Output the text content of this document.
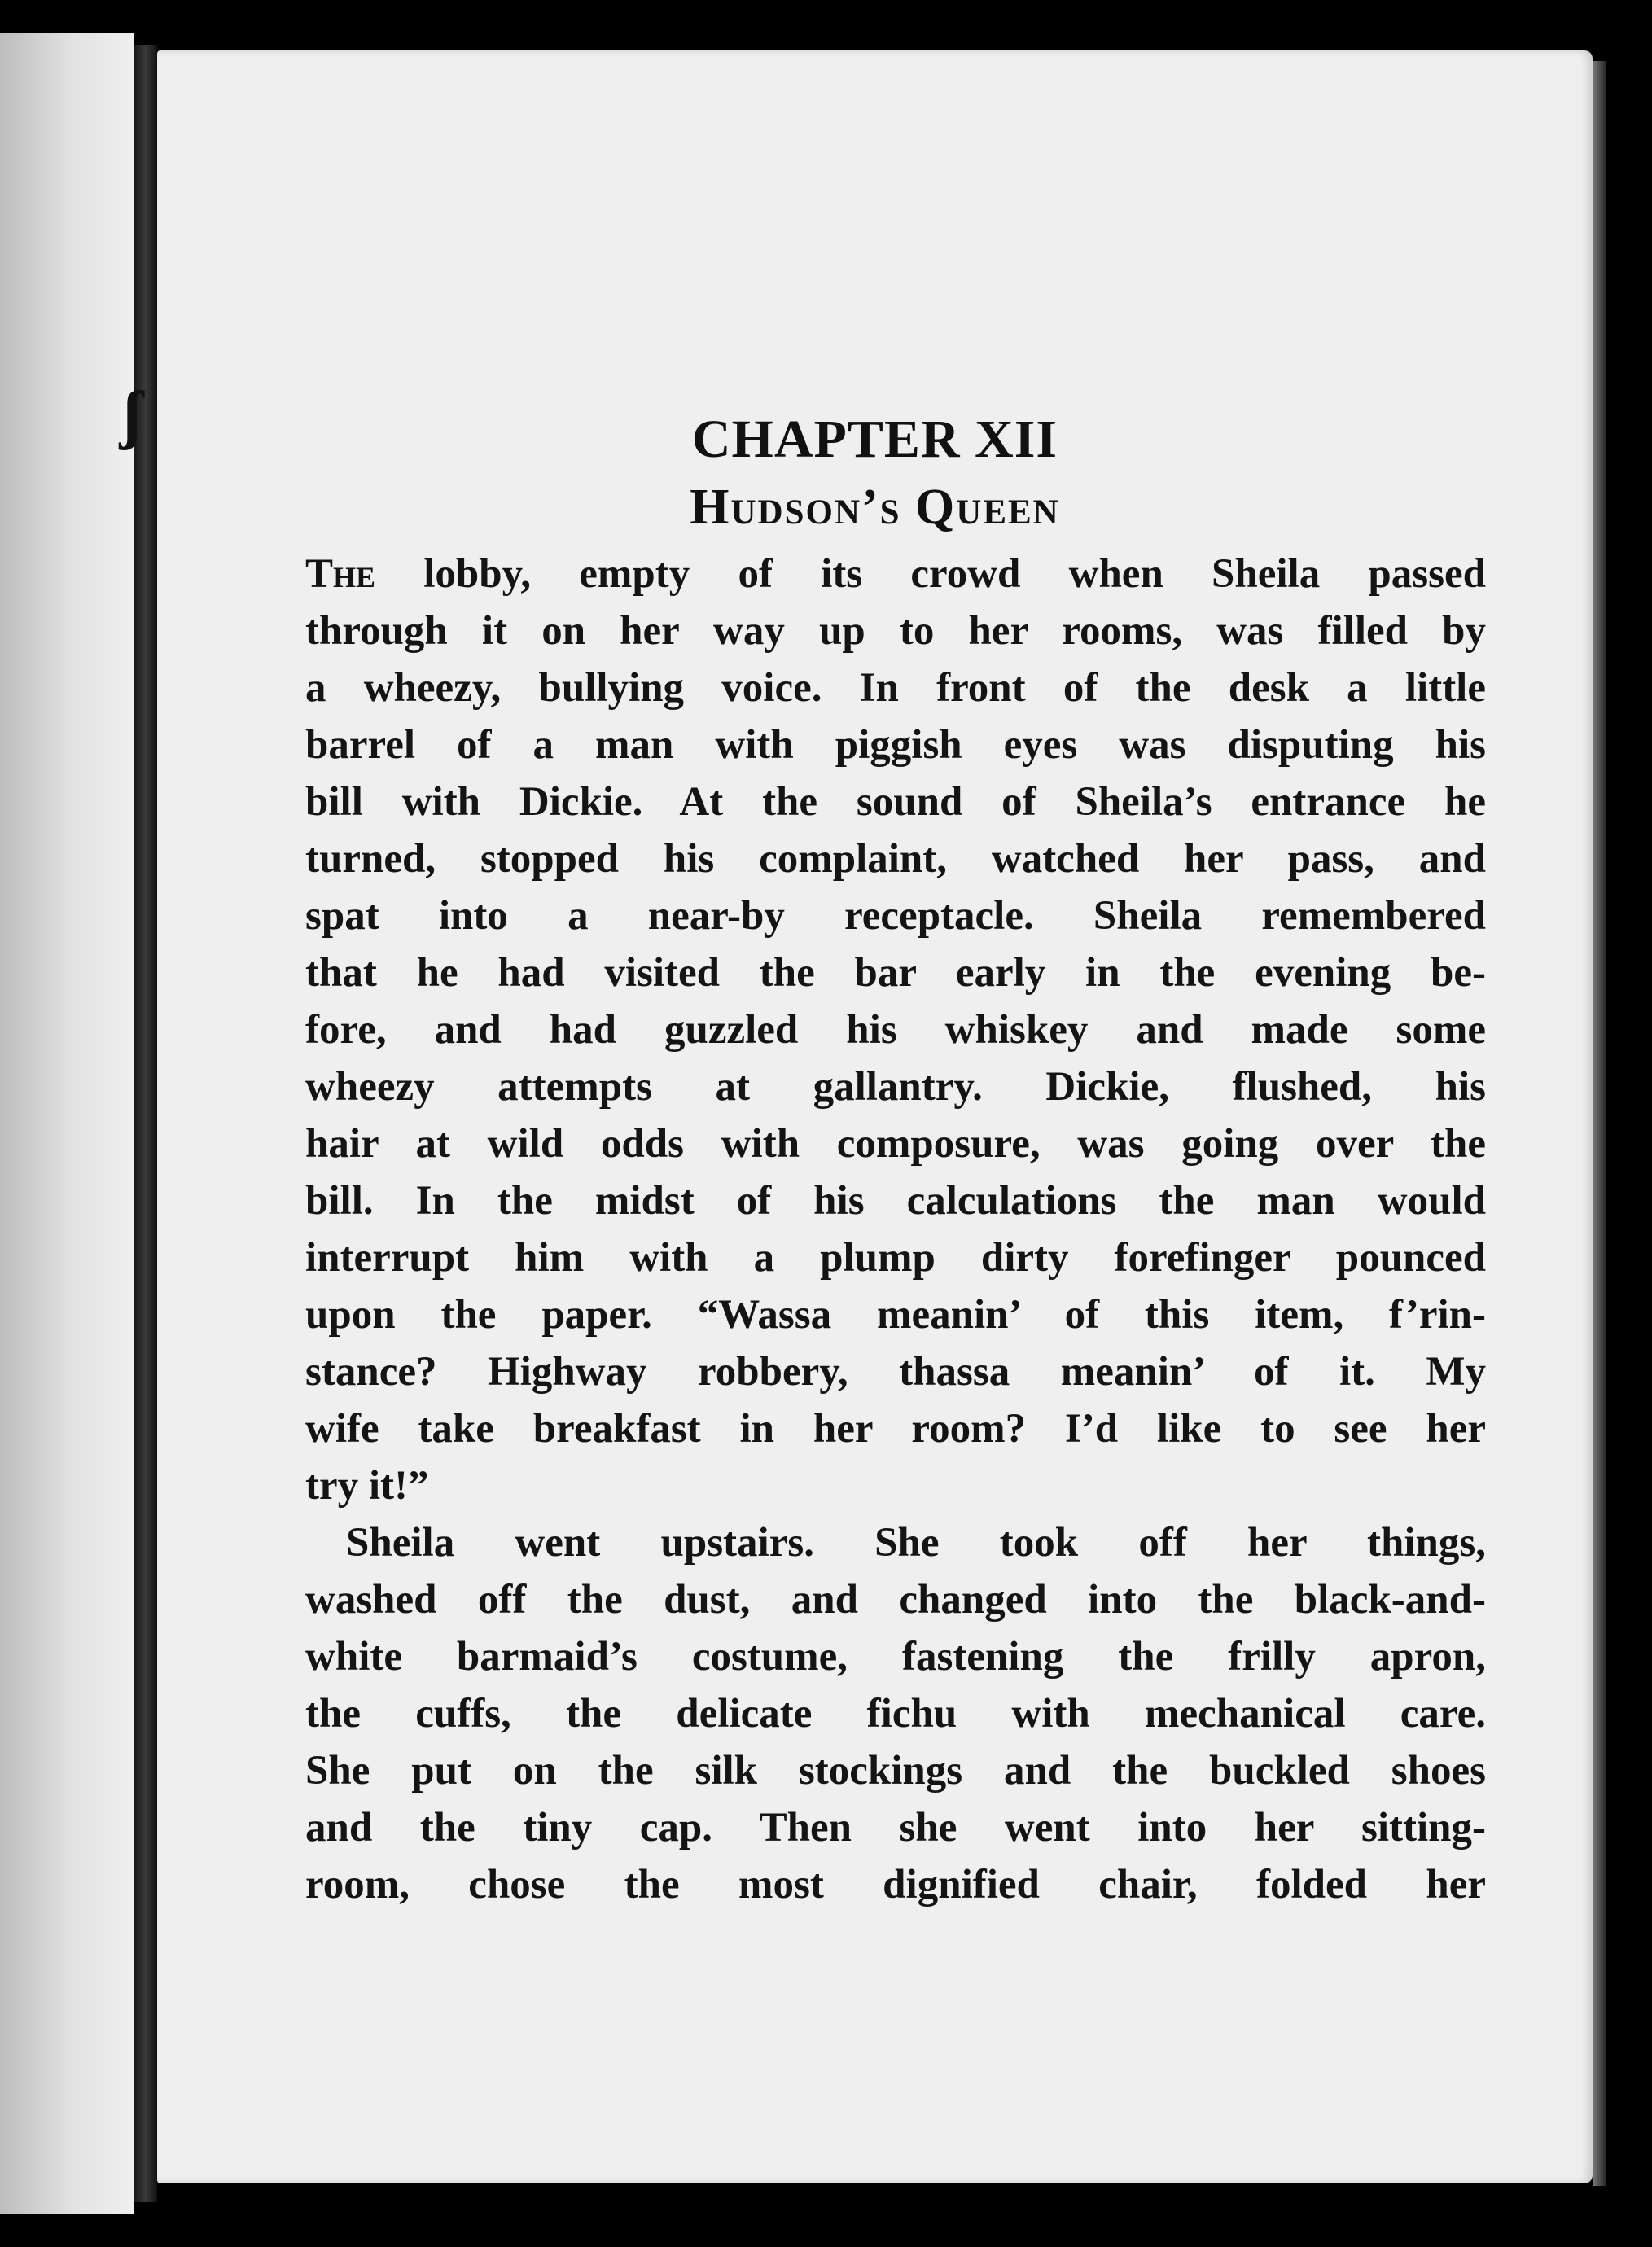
ʃ	CHAPTER XII
Hudson’s Queen
The lobby, empty of its crowd when Sheila passed
through it on her way up to her rooms, was filled by
a wheezy, bullying voice. In front of the desk a little
barrel of a man with piggish eyes was disputing his
bill with Dickie. At the sound of Sheila’s entrance he
turned, stopped his complaint, watched her pass, and
spat into a near-by receptacle. Sheila remembered
that he had visited the bar early in the evening be-
fore, and had guzzled his whiskey and made some
wheezy attempts at gallantry. Dickie, flushed, his
hair at wild odds with composure, was going over the
bill. In the midst of his calculations the man would
interrupt him with a plump dirty forefinger pounced
upon the paper. “Wassa meanin’ of this item, f’rin-
stance? Highway robbery, thassa meanin’ of it. My
wife take breakfast in her room? I’d like to see her
try it!”
Sheila went upstairs. She took off her things,
washed off the dust, and changed into the black-and-
white barmaid’s costume, fastening the frilly apron,
the cuffs, the delicate fichu with mechanical care.
She put on the silk stockings and the buckled shoes
and the tiny cap. Then she went into her sitting-
room, chose the most dignified chair, folded her
